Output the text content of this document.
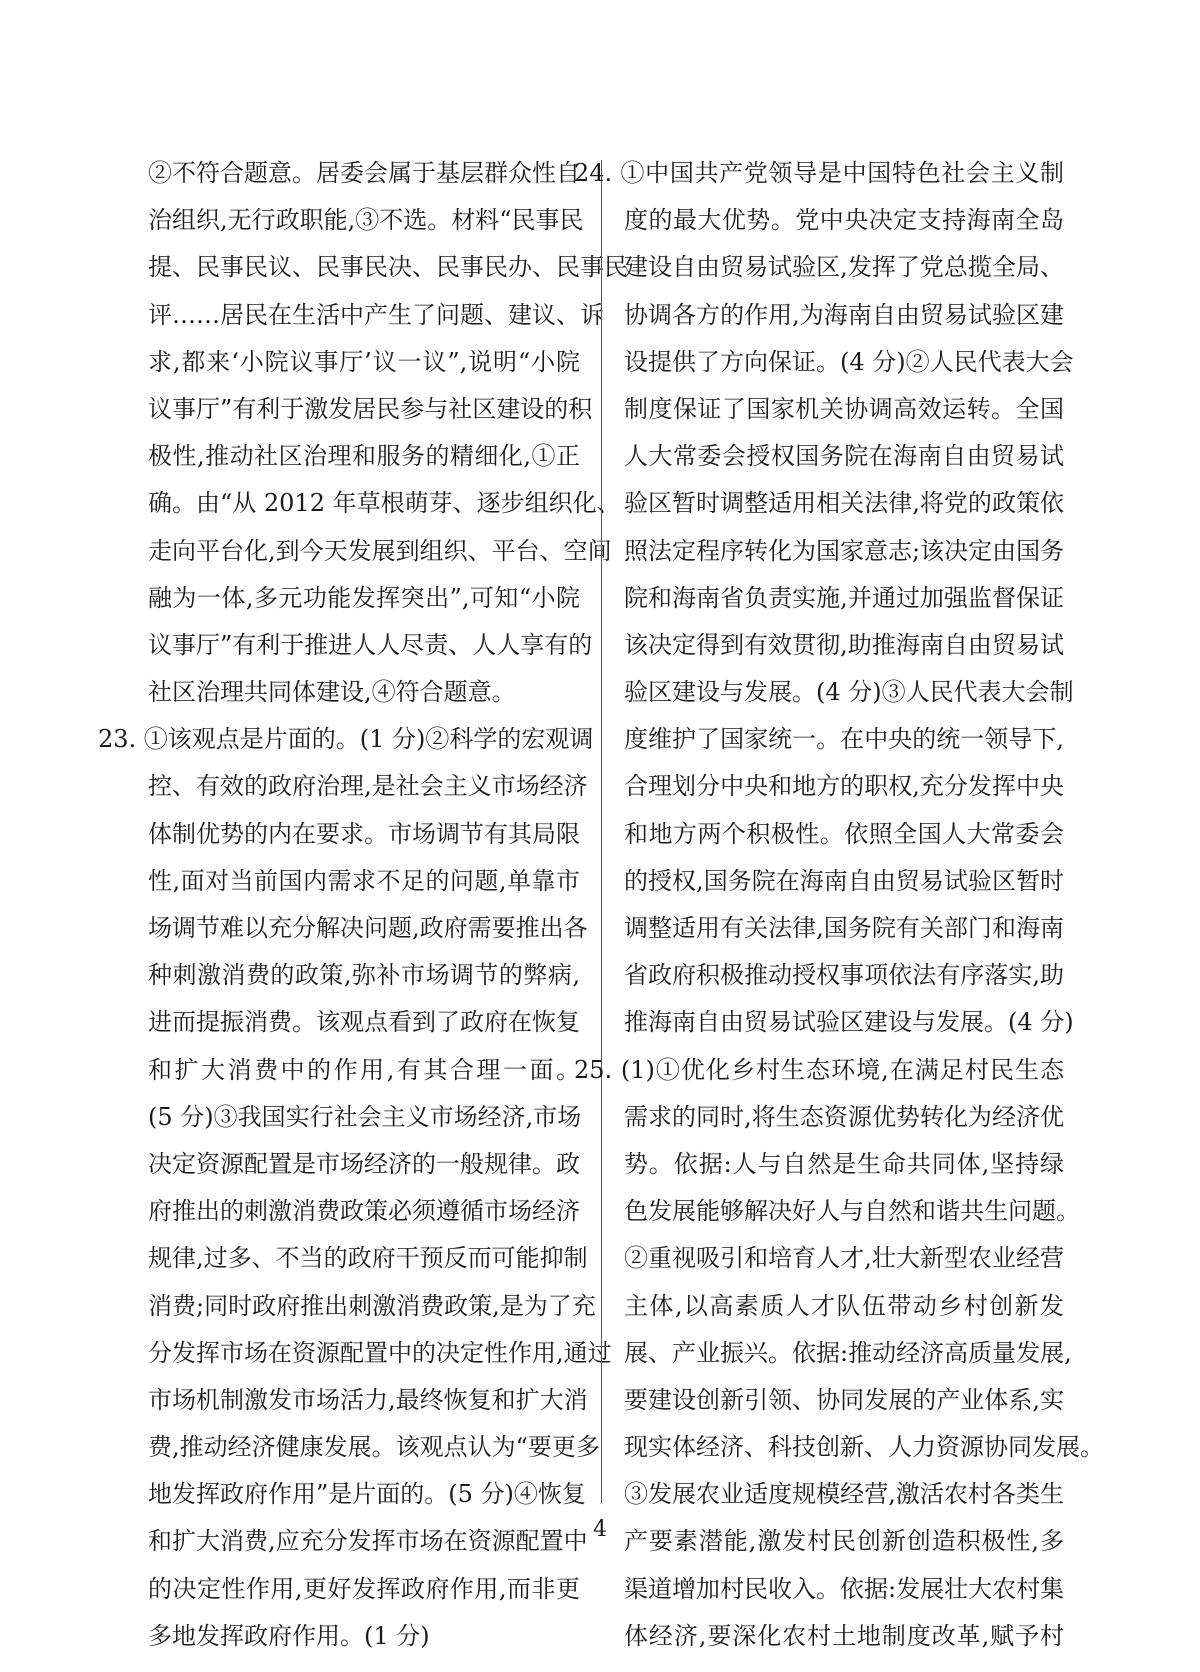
②不符合题意。居委会属于基层群众性自
治组织,无行政职能,③不选。材料“民事民
提、民事民议、民事民决、民事民办、民事民
评……居民在生活中产生了问题、建议、诉
求,都来‘小院议事厅’议一议”,说明“小院
议事厅”有利于激发居民参与社区建设的积
极性,推动社区治理和服务的精细化,①正
确。由“从 2012 年草根萌芽、逐步组织化、
走向平台化,到今天发展到组织、平台、空间
融为一体,多元功能发挥突出”,可知“小院
议事厅”有利于推进人人尽责、人人享有的
社区治理共同体建设,④符合题意。
23. ①该观点是片面的。(1 分)②科学的宏观调
控、有效的政府治理,是社会主义市场经济
体制优势的内在要求。市场调节有其局限
性,面对当前国内需求不足的问题,单靠市
场调节难以充分解决问题,政府需要推出各
种刺激消费的政策,弥补市场调节的弊病,
进而提振消费。该观点看到了政府在恢复
和扩大消费中的作用,有其合理一面。
(5 分)③我国实行社会主义市场经济,市场
决定资源配置是市场经济的一般规律。政
府推出的刺激消费政策必须遵循市场经济
规律,过多、不当的政府干预反而可能抑制
消费;同时政府推出刺激消费政策,是为了充
分发挥市场在资源配置中的决定性作用,通过
市场机制激发市场活力,最终恢复和扩大消
费,推动经济健康发展。该观点认为“要更多
地发挥政府作用”是片面的。(5 分)④恢复
和扩大消费,应充分发挥市场在资源配置中
的决定性作用,更好发挥政府作用,而非更
多地发挥政府作用。(1 分)
24. ①中国共产党领导是中国特色社会主义制
度的最大优势。党中央决定支持海南全岛
建设自由贸易试验区,发挥了党总揽全局、
协调各方的作用,为海南自由贸易试验区建
设提供了方向保证。(4 分)②人民代表大会
制度保证了国家机关协调高效运转。全国
人大常委会授权国务院在海南自由贸易试
验区暂时调整适用相关法律,将党的政策依
照法定程序转化为国家意志;该决定由国务
院和海南省负责实施,并通过加强监督保证
该决定得到有效贯彻,助推海南自由贸易试
验区建设与发展。(4 分)③人民代表大会制
度维护了国家统一。在中央的统一领导下,
合理划分中央和地方的职权,充分发挥中央
和地方两个积极性。依照全国人大常委会
的授权,国务院在海南自由贸易试验区暂时
调整适用有关法律,国务院有关部门和海南
省政府积极推动授权事项依法有序落实,助
推海南自由贸易试验区建设与发展。(4 分)
25. (1)①优化乡村生态环境,在满足村民生态
需求的同时,将生态资源优势转化为经济优
势。依据:人与自然是生命共同体,坚持绿
色发展能够解决好人与自然和谐共生问题。
②重视吸引和培育人才,壮大新型农业经营
主体,以高素质人才队伍带动乡村创新发
展、产业振兴。依据:推动经济高质量发展,
要建设创新引领、协同发展的产业体系,实
现实体经济、科技创新、人力资源协同发展。
③发展农业适度规模经营,激活农村各类生
产要素潜能,激发村民创新创造积极性,多
渠道增加村民收入。依据:发展壮大农村集
体经济,要深化农村土地制度改革,赋予村
4
